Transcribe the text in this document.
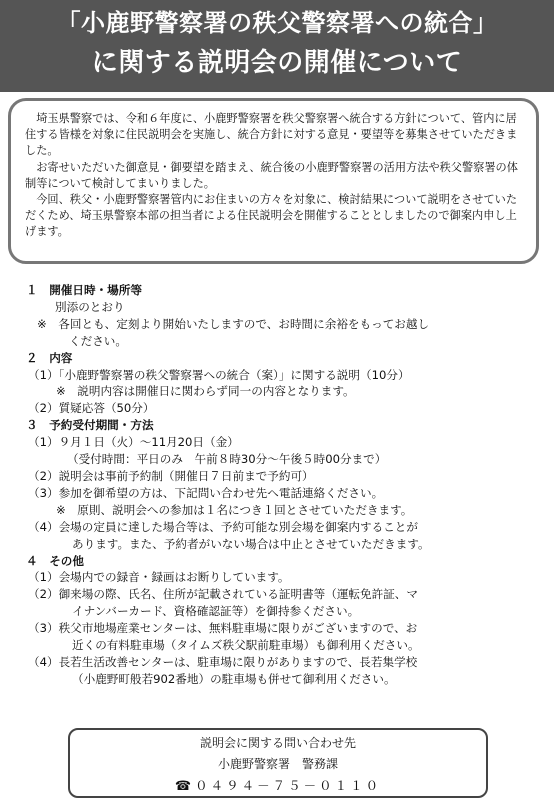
「小鹿野警察署の秩父警察署への統合」
に関する説明会の開催について

埼玉県警察では、令和６年度に、小鹿野警察署を秩父警察署へ統合する方針について、管内に居住する皆様を対象に住民説明会を実施し、統合方針に対する意見・要望等を募集させていただきました。

お寄せいただいた御意見・御要望を踏まえ、統合後の小鹿野警察署の活用方法や秩父警察署の体制等について検討してまいりました。

今回、秩父・小鹿野警察署管内にお住まいの方々を対象に、検討結果について説明をさせていただくため、埼玉県警察本部の担当者による住民説明会を開催することとしましたので御案内申し上げます。

１　開催日時・場所等
別添のとおり
※　各回とも、定刻より開始いたしますので、お時間に余裕をもってお越し
ください。
２　内容
（1）「小鹿野警察署の秩父警察署への統合（案）」に関する説明（10分）
※　説明内容は開催日に関わらず同一の内容となります。
（2）質疑応答（50分）
３　予約受付期間・方法
（1）９月１日（火）～11月20日（金）
（受付時間：平日のみ　午前８時30分～午後５時00分まで）
（2）説明会は事前予約制（開催日７日前まで予約可）
（3）参加を御希望の方は、下記問い合わせ先へ電話連絡ください。
※　原則、説明会への参加は１名につき１回とさせていただきます。
（4）会場の定員に達した場合等は、予約可能な別会場を御案内することが
あります。また、予約者がいない場合は中止とさせていただきます。
４　その他
（1）会場内での録音・録画はお断りしています。
（2）御来場の際、氏名、住所が記載されている証明書等（運転免許証、マ
イナンバーカード、資格確認証等）を御持参ください。
（3）秩父市地場産業センターは、無料駐車場に限りがございますので、お
近くの有料駐車場（タイムズ秩父駅前駐車場）も御利用ください。
（4）長若生活改善センターは、駐車場に限りがありますので、長若集学校
（小鹿野町般若902番地）の駐車場も併せて御利用ください。
説明会に関する問い合わせ先
小鹿野警察署　警務課
☎ ０４９４－７５－０１１０
